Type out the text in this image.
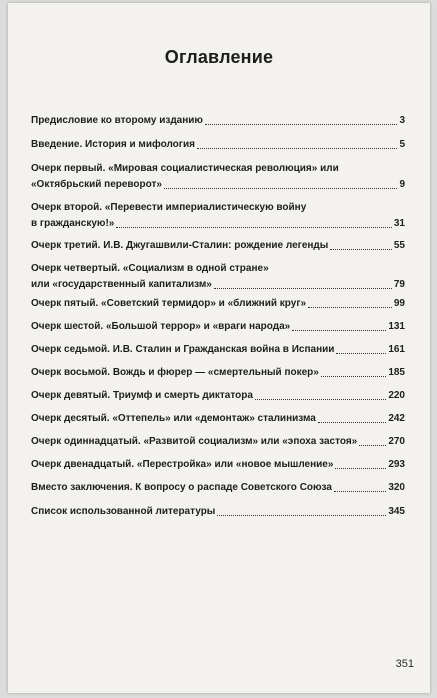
Оглавление
Предисловие ко второму изданию	3
Введение. История и мифология	5
Очерк первый. «Мировая социалистическая революция» или
«Октябрьский переворот»	9
Очерк второй. «Перевести империалистическую войну
в гражданскую!»	31
Очерк третий. И.В. Джугашвили-Сталин: рождение легенды	55
Очерк четвертый. «Социализм в одной стране»
или «государственный капитализм»	79
Очерк пятый. «Советский термидор» и «ближний круг»	99
Очерк шестой. «Большой террор» и «враги народа»	131
Очерк седьмой. И.В. Сталин и Гражданская война в Испании	161
Очерк восьмой. Вождь и фюрер — «смертельный покер»	185
Очерк девятый. Триумф и смерть диктатора	220
Очерк десятый. «Оттепель» или «демонтаж» сталинизма	242
Очерк одиннадцатый. «Развитой социализм» или «эпоха застоя»	270
Очерк двенадцатый. «Перестройка» или «новое мышление»	293
Вместо заключения. К вопросу о распаде Советского Союза	320
Список использованной литературы	345
351
